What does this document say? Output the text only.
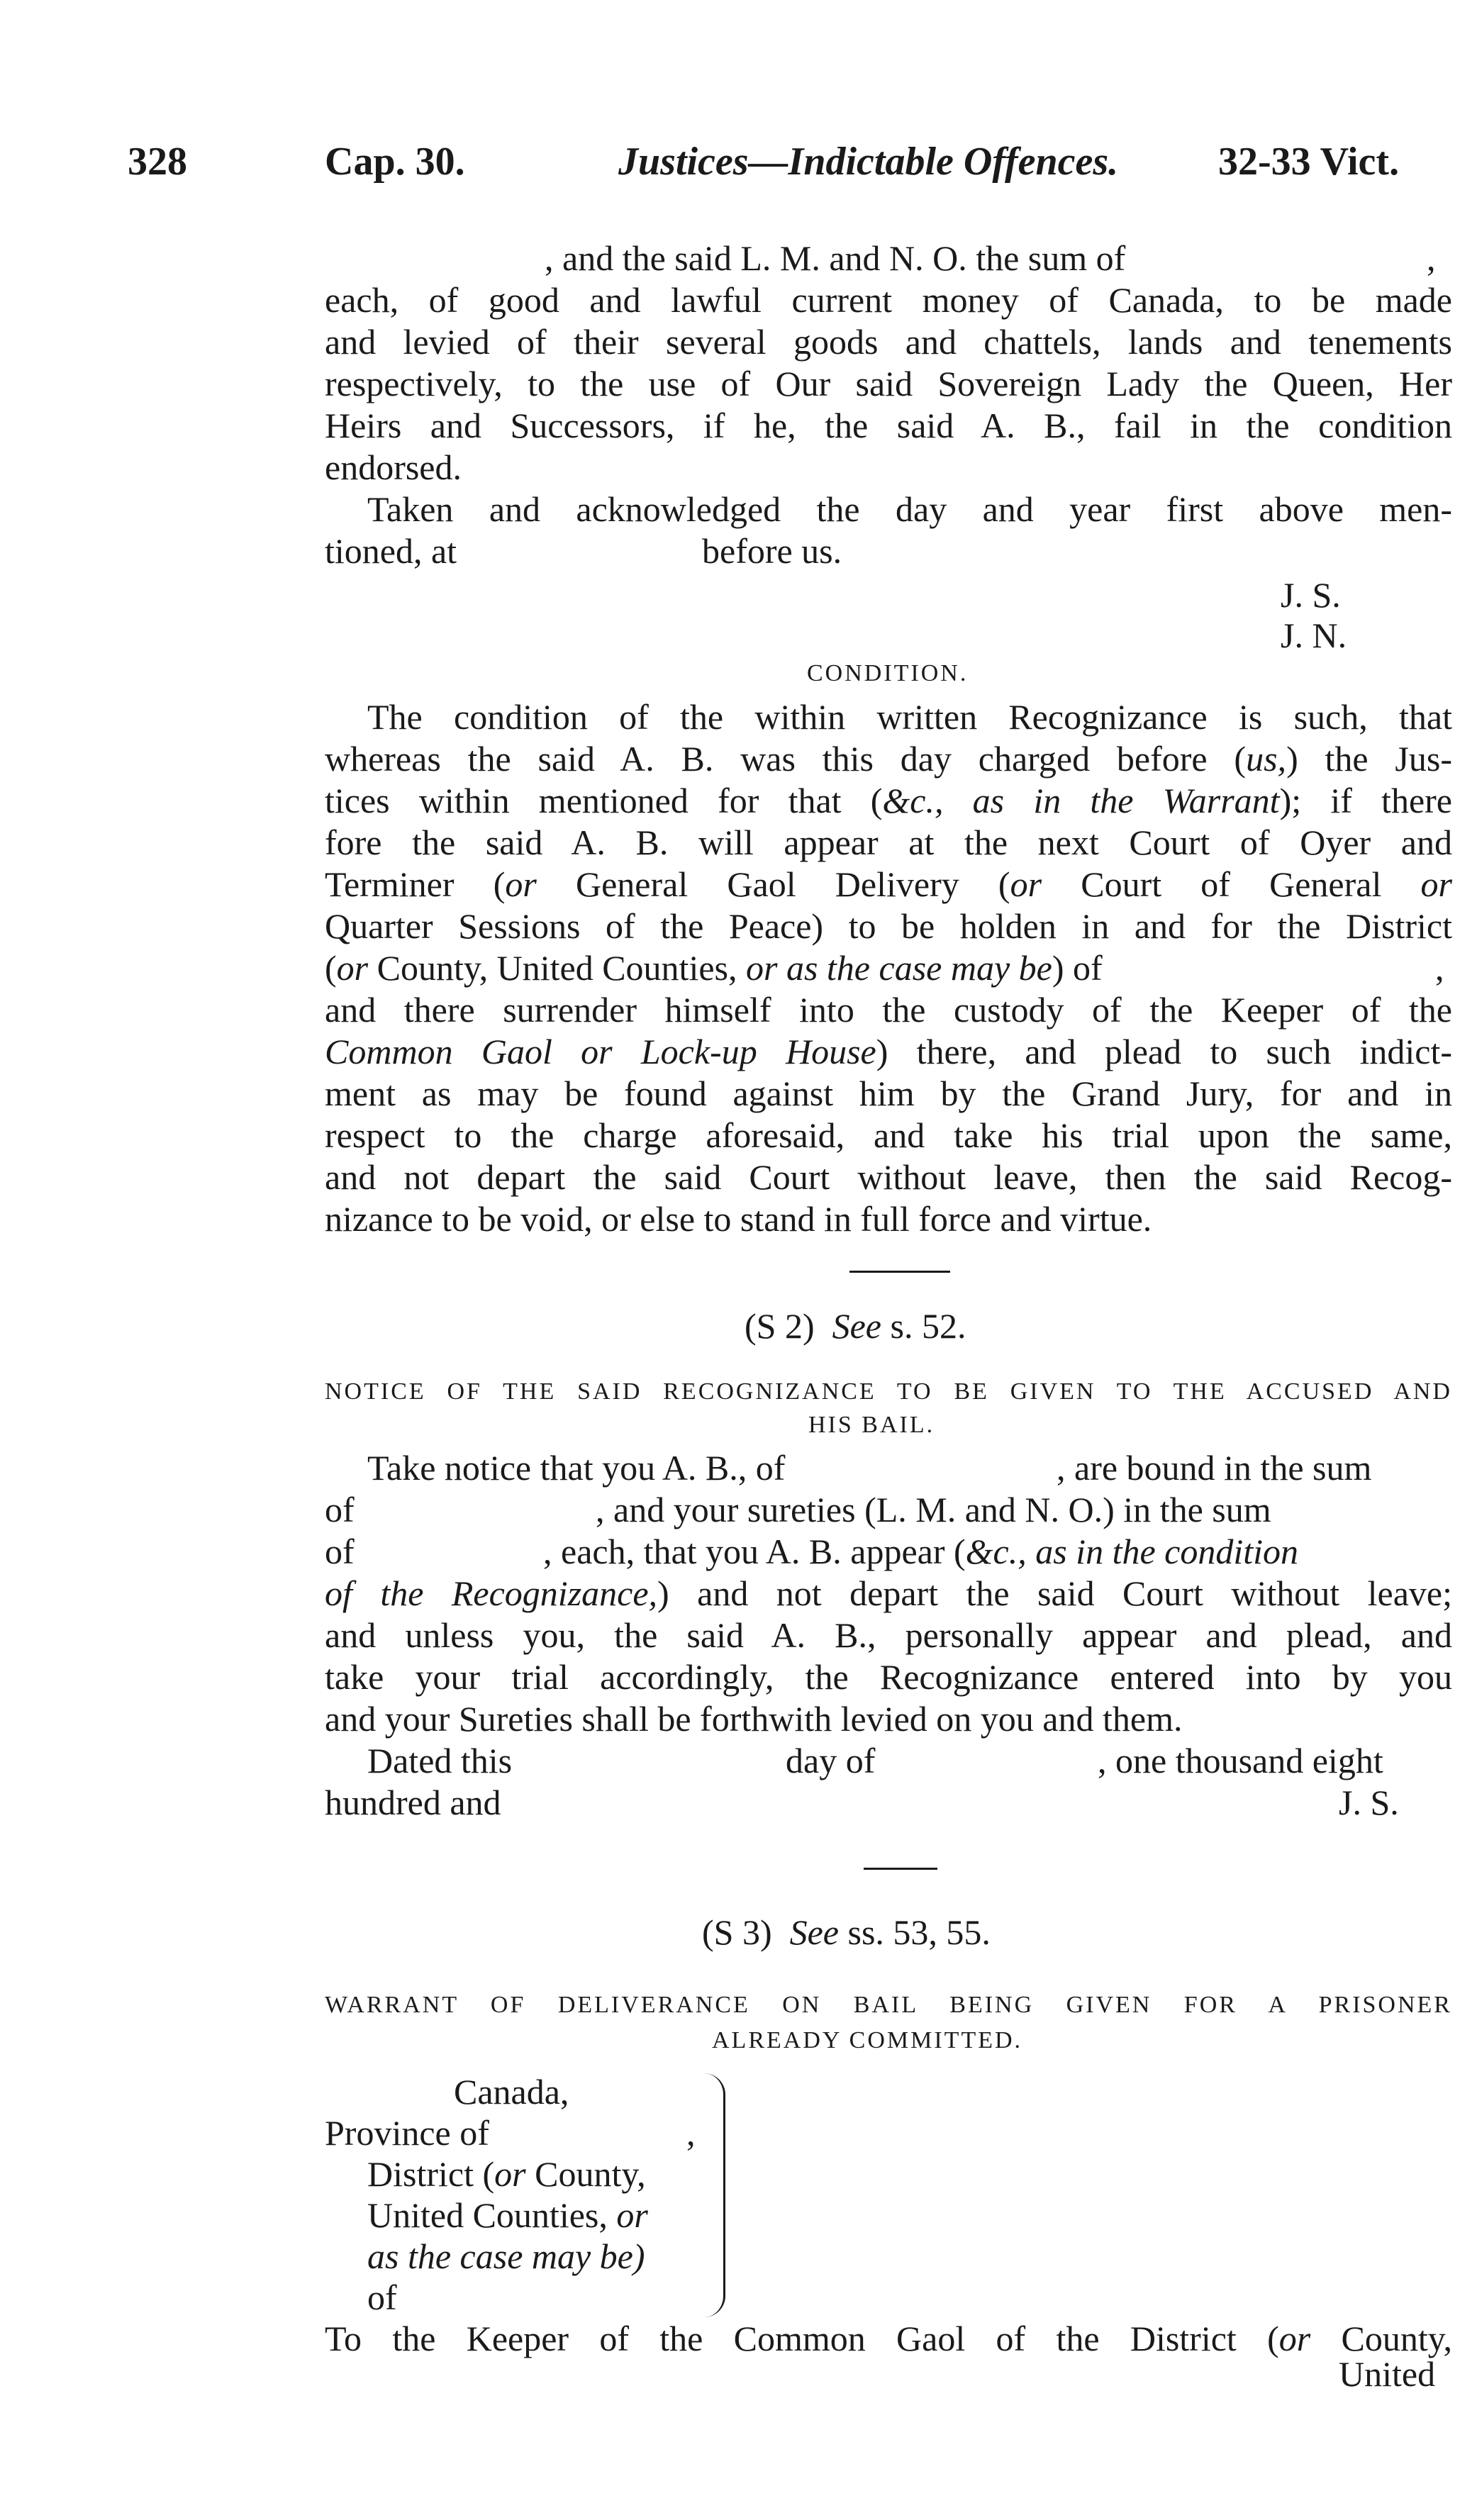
328	Cap. 30.	Justices—Indictable Offences.	32-33 Vict.
, and the said L. M. and N. O. the sum of	,
each, of good and lawful current money of Canada, to be made
and levied of their several goods and chattels, lands and tenements
respectively, to the use of Our said Sovereign Lady the Queen, Her
Heirs and Successors, if he, the said A. B., fail in the condition
endorsed.
Taken and acknowledged the day and year first above men-
tioned, at	before us.
J. S.
J. N.
CONDITION.
The condition of the within written Recognizance is such, that
whereas the said A. B. was this day charged before (us,) the Jus-
tices within mentioned for that (&c., as in the Warrant); if there
fore the said A. B. will appear at the next Court of Oyer and
Terminer (or General Gaol Delivery (or Court of General or
Quarter Sessions of the Peace) to be holden in and for the District
(or County, United Counties, or as the case may be) of	,
and there surrender himself into the custody of the Keeper of the
Common Gaol or Lock-up House) there, and plead to such indict-
ment as may be found against him by the Grand Jury, for and in
respect to the charge aforesaid, and take his trial upon the same,
and not depart the said Court without leave, then the said Recog-
nizance to be void, or else to stand in full force and virtue.
(S 2) See s. 52.
NOTICE OF THE SAID RECOGNIZANCE TO BE GIVEN TO THE ACCUSED AND
HIS BAIL.
Take notice that you A. B., of	, are bound in the sum
of	, and your sureties (L. M. and N. O.) in the sum
of	, each, that you A. B. appear (&c., as in the condition
of the Recognizance,) and not depart the said Court without leave;
and unless you, the said A. B., personally appear and plead, and
take your trial accordingly, the Recognizance entered into by you
and your Sureties shall be forthwith levied on you and them.
Dated this	day of	, one thousand eight
hundred and	J. S.
(S 3) See ss. 53, 55.
WARRANT OF DELIVERANCE ON BAIL BEING GIVEN FOR A PRISONER
ALREADY COMMITTED.
Canada,
Province of	,
District (or County,
United Counties, or
as the case may be)
of
To the Keeper of the Common Gaol of the District (or County,
United
